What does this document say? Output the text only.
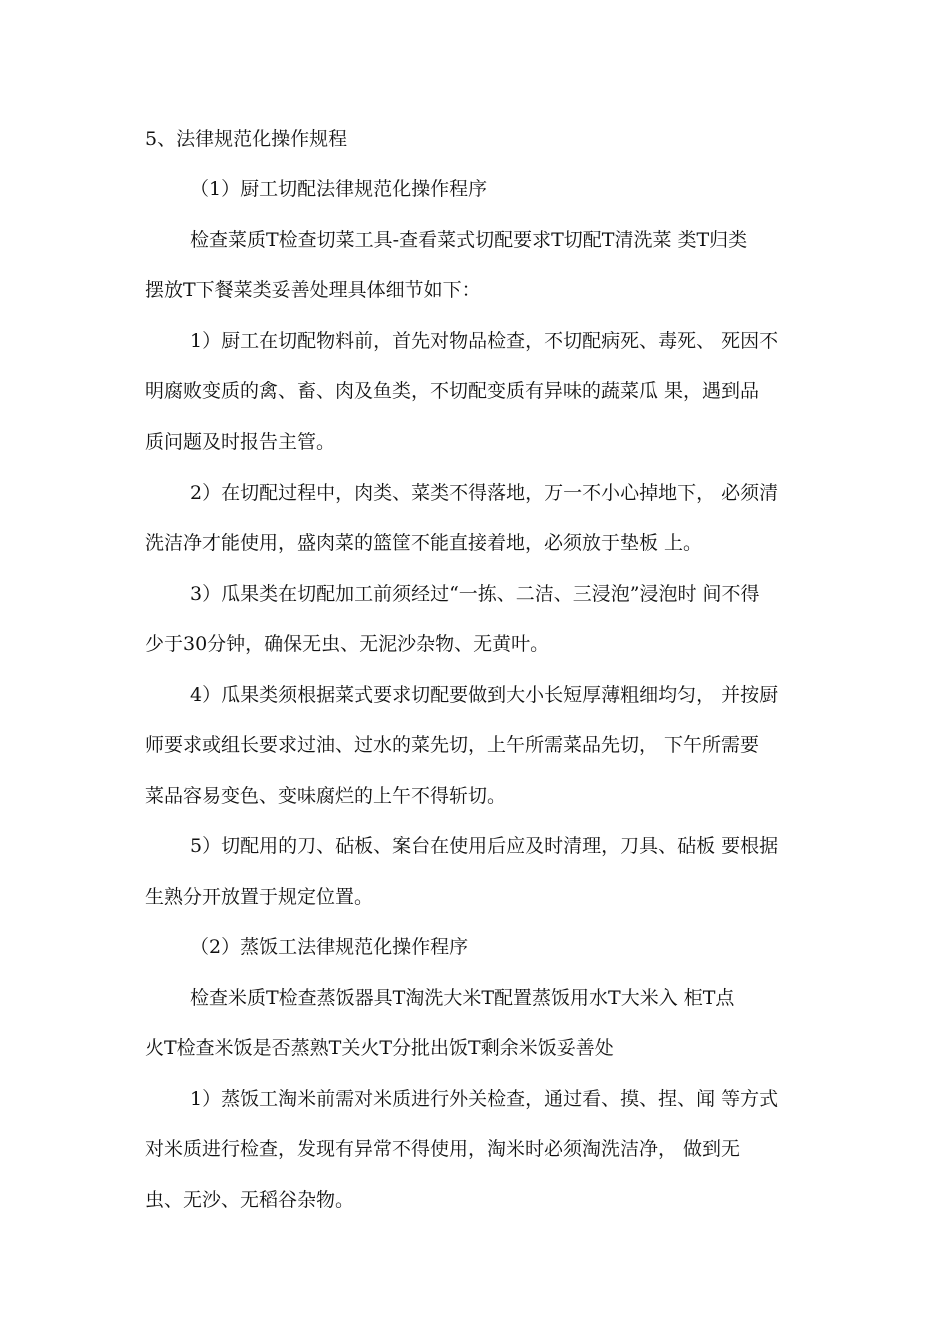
5、法律规范化操作规程

（1）厨工切配法律规范化操作程序

检查菜质T检查切菜工具-查看菜式切配要求T切配T清洗菜 类T归类

摆放T下餐菜类妥善处理具体细节如下：

1）厨工在切配物料前，首先对物品检查，不切配病死、毒死、 死因不

明腐败变质的禽、畜、肉及鱼类，不切配变质有异味的蔬菜瓜 果，遇到品

质问题及时报告主管。

2）在切配过程中，肉类、菜类不得落地，万一不小心掉地下， 必须清

洗洁净才能使用，盛肉菜的篮筐不能直接着地，必须放于垫板 上。

3）瓜果类在切配加工前须经过“一拣、二洁、三浸泡”浸泡时 间不得

少于30分钟，确保无虫、无泥沙杂物、无黄叶。

4）瓜果类须根据菜式要求切配要做到大小长短厚薄粗细均匀， 并按厨

师要求或组长要求过油、过水的菜先切，上午所需菜品先切， 下午所需要

菜品容易变色、变味腐烂的上午不得斩切。

5）切配用的刀、砧板、案台在使用后应及时清理，刀具、砧板 要根据

生熟分开放置于规定位置。

（2）蒸饭工法律规范化操作程序

检查米质T检查蒸饭器具T淘洗大米T配置蒸饭用水T大米入 柜T点

火T检查米饭是否蒸熟T关火T分批出饭T剩余米饭妥善处

1）蒸饭工淘米前需对米质进行外关检查，通过看、摸、捏、闻 等方式

对米质进行检查，发现有异常不得使用，淘米时必须淘洗洁净， 做到无

虫、无沙、无稻谷杂物。
